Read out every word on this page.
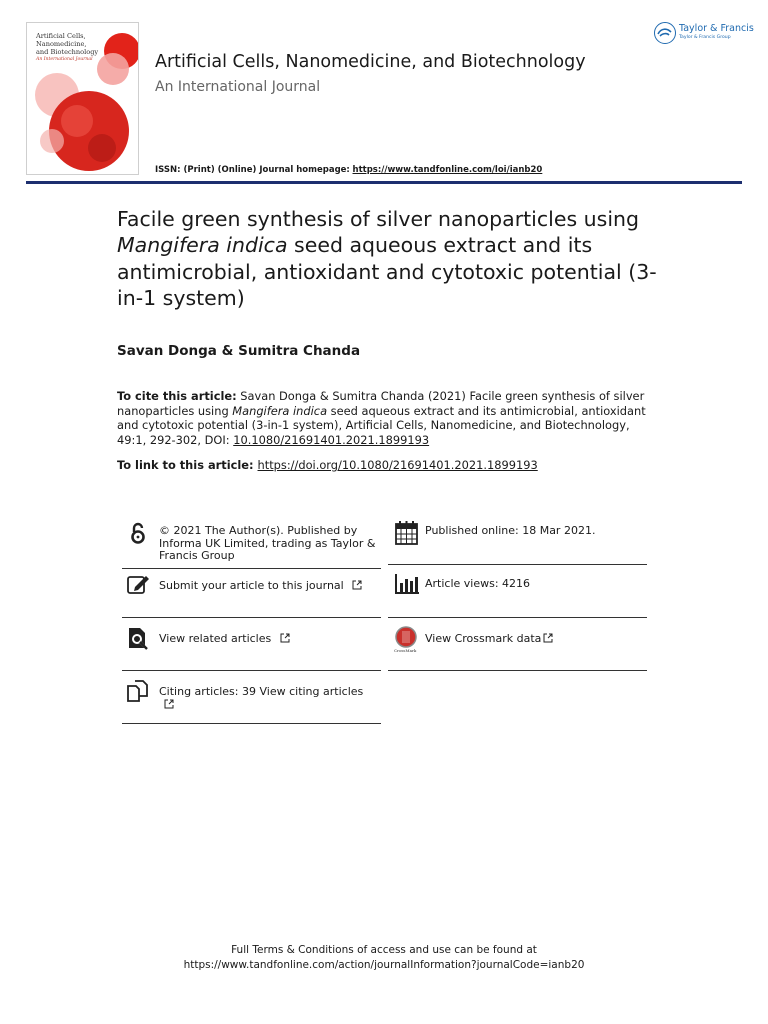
Artificial Cells,
Nanomedicine,
and Biotechnology
An International Journal	Artificial Cells, Nanomedicine, and Biotechnology
An International Journal
ISSN: (Print) (Online) Journal homepage: https://www.tandfonline.com/loi/ianb20
Taylor & Francis
Taylor & Francis Group
Facile green synthesis of silver nanoparticles using Mangifera indica seed aqueous extract and its antimicrobial, antioxidant and cytotoxic potential (3-in-1 system)
Savan Donga & Sumitra Chanda
To cite this article: Savan Donga & Sumitra Chanda (2021) Facile green synthesis of silver nanoparticles using Mangifera indica seed aqueous extract and its antimicrobial, antioxidant and cytotoxic potential (3-in-1 system), Artificial Cells, Nanomedicine, and Biotechnology, 49:1, 292-302, DOI: 10.1080/21691401.2021.1899193
To link to this article: https://doi.org/10.1080/21691401.2021.1899193
© 2021 The Author(s). Published by Informa UK Limited, trading as Taylor & Francis Group
Submit your article to this journal
View related articles
Citing articles: 39 View citing articles
Published online: 18 Mar 2021.
Article views: 4216
CrossMark
View Crossmark data
Full Terms & Conditions of access and use can be found at
https://www.tandfonline.com/action/journalInformation?journalCode=ianb20
